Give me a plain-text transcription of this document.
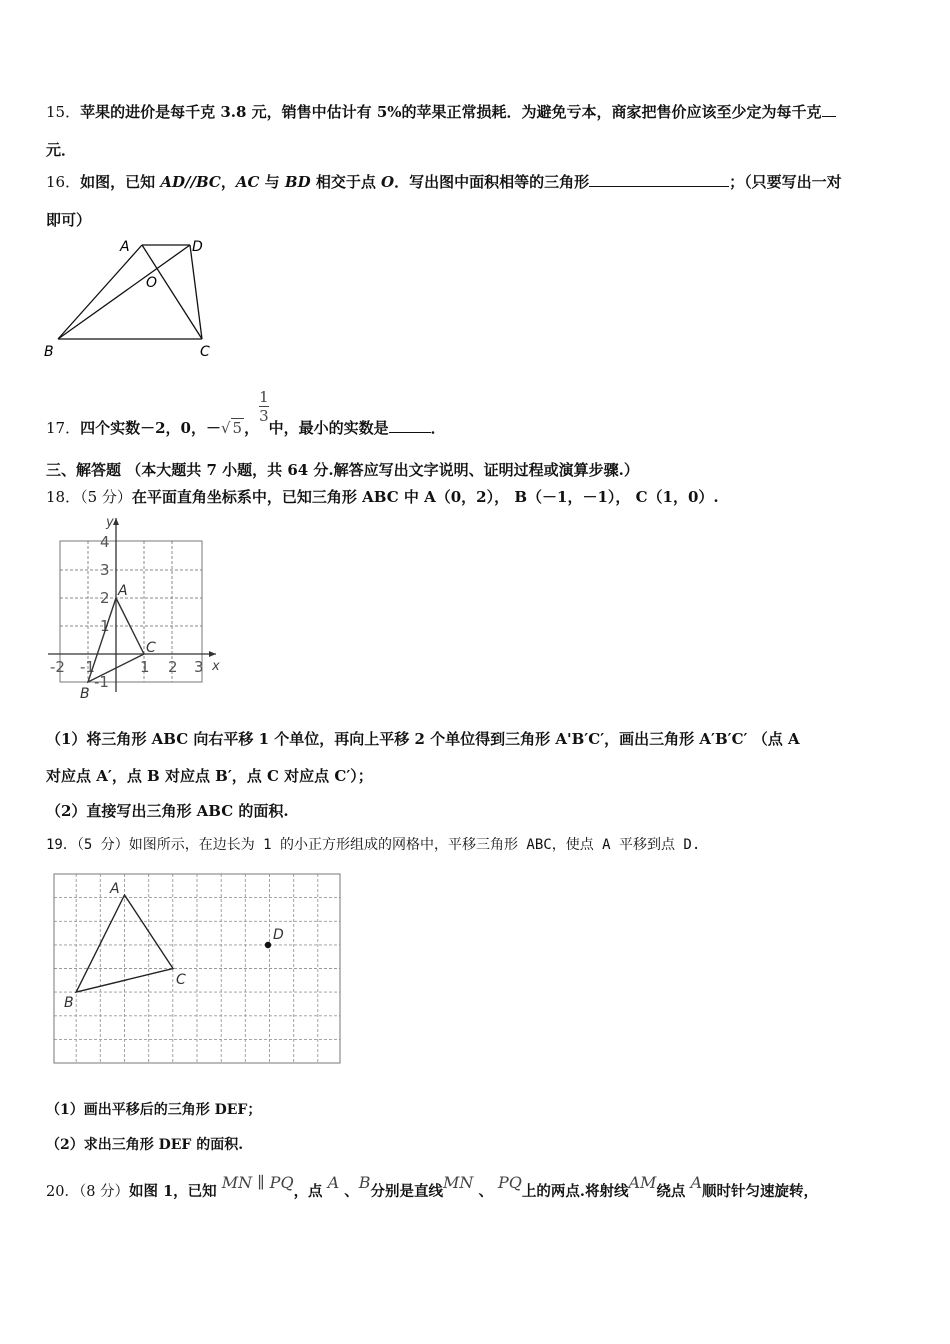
15．苹果的进价是每千克 3.8 元，销售中估计有 5%的苹果正常损耗．为避免亏本，商家把售价应该至少定为每千克
元．
16．如图，已知 AD//BC，AC 与 BD 相交于点 O．写出图中面积相等的三角形	；（只要写出一对
即可）
A	D
O
B	C
17．四个实数－2，0，－√ 5 ，
$\frac{1}{3}$
中，最小的实数是	．
三、解答题 （本大题共 7 小题，共 64 分.解答应写出文字说明、证明过程或演算步骤.）
18．（5 分）在平面直角坐标系中，已知三角形 ABC 中 A（0，2）， B（－1，－1）， C（1，0）.
y
x
4
3
2
1
-1
-2 -1	1 2 3
A
B
C
（1）将三角形 ABC 向右平移 1 个单位，再向上平移 2 个单位得到三角形 A'B′C′，画出三角形 A′B′C′ （点 A
对应点 A′，点 B 对应点 B′，点 C 对应点 C′）；
（2）直接写出三角形 ABC 的面积.
19．（5 分）如图所示，在边长为 1 的小正方形组成的网格中，平移三角形 ABC，使点 A 平移到点 D.
A
B
C
D
（1）画出平移后的三角形 DEF；
（2）求出三角形 DEF 的面积.
20．（8 分）如图 1，已知 MN ∥ PQ，点 A 、B分别是直线MN 、 PQ上的两点.将射线AM绕点 A顺时针匀速旋转，
